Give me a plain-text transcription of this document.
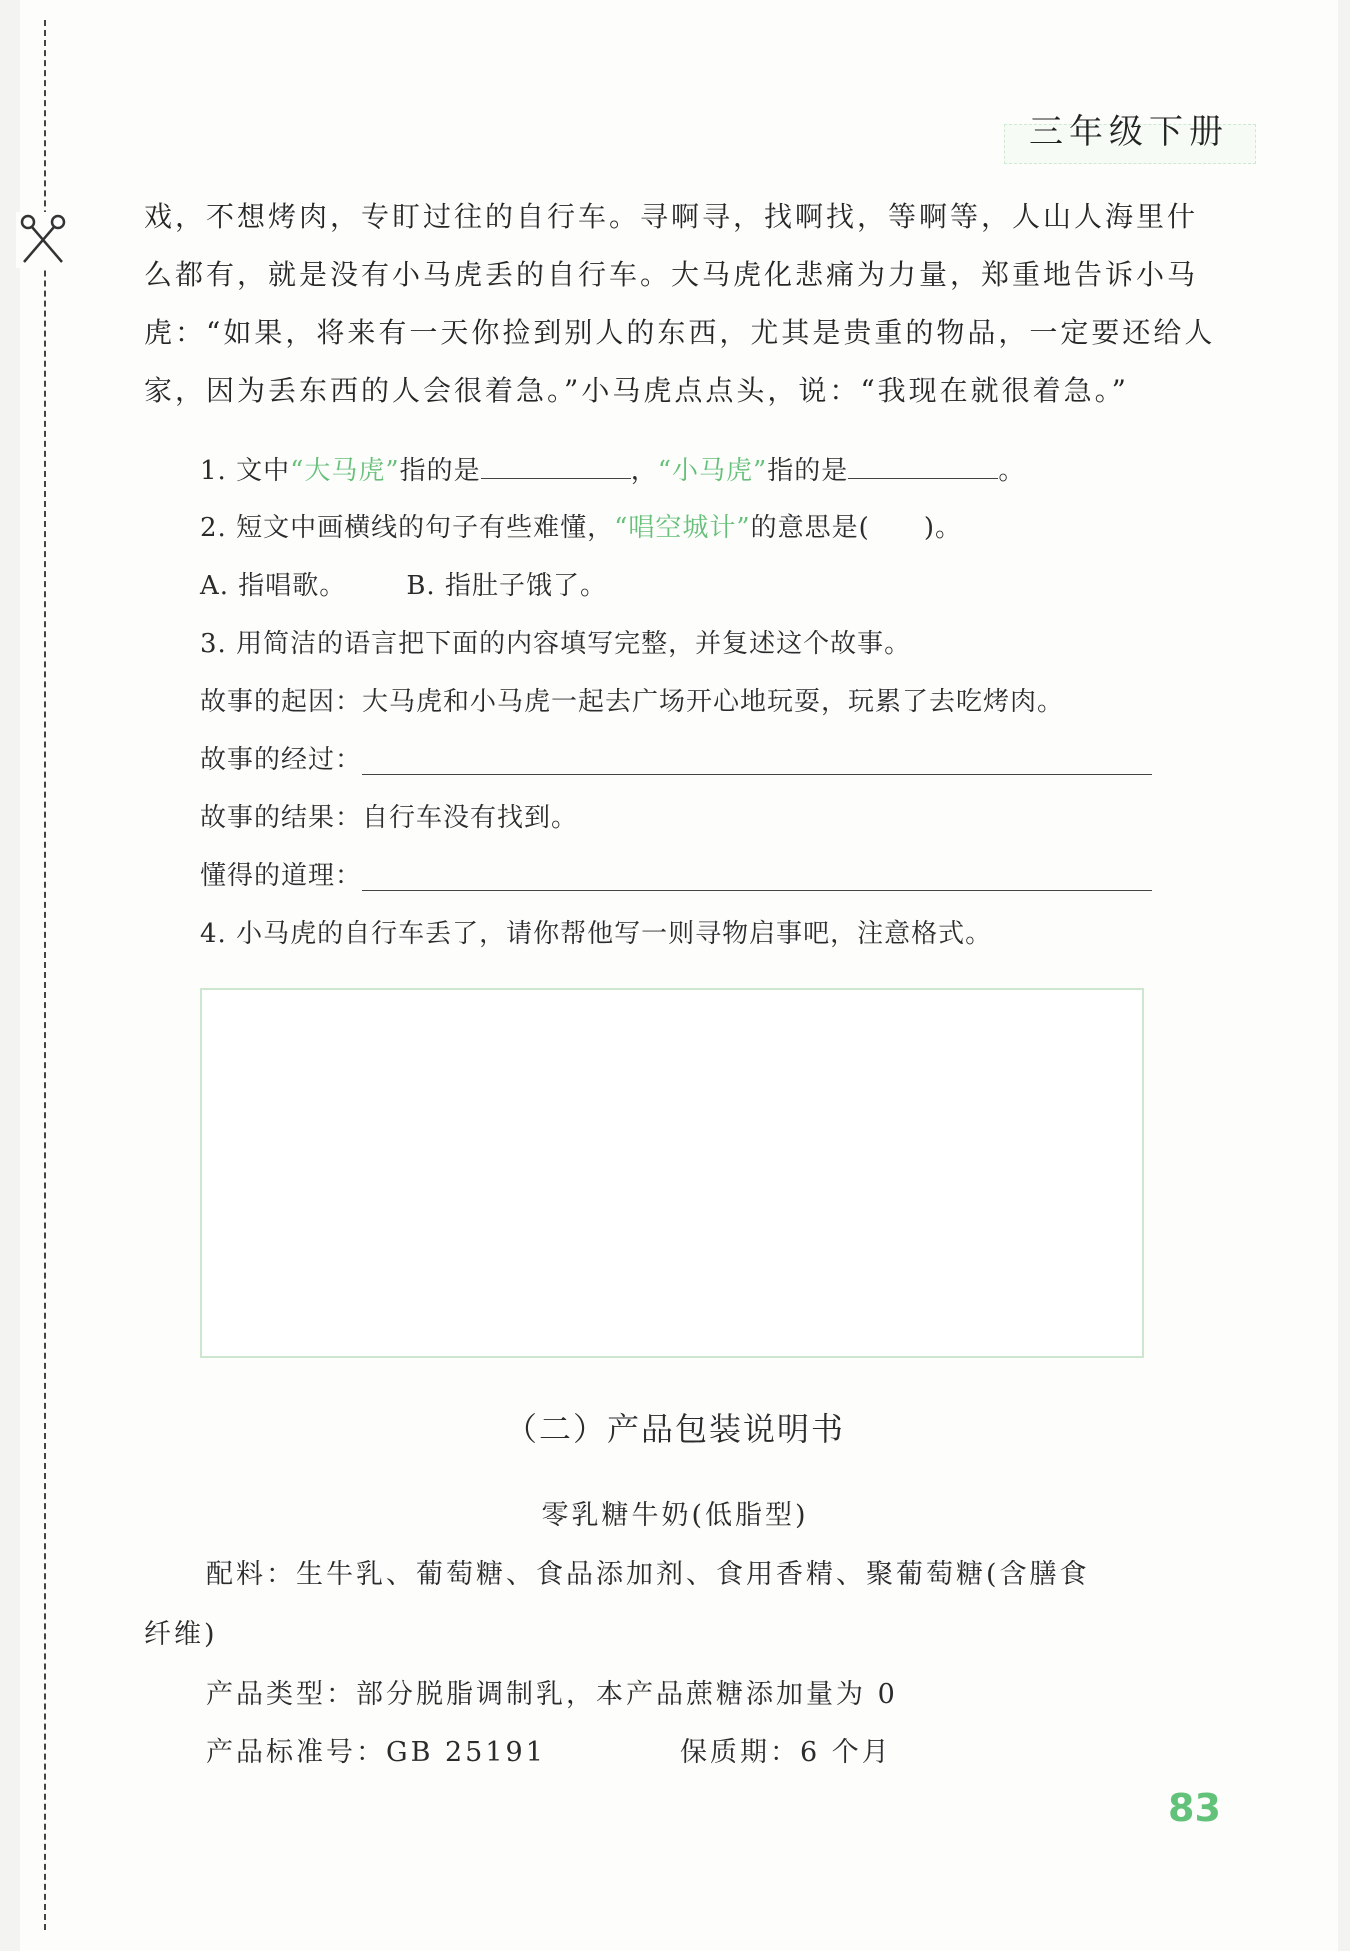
三年级下册
戏，不想烤肉，专盯过往的自行车。寻啊寻，找啊找，等啊等，人山人海里什
么都有，就是没有小马虎丢的自行车。大马虎化悲痛为力量，郑重地告诉小马
虎：“如果，将来有一天你捡到别人的东西，尤其是贵重的物品，一定要还给人
家，因为丢东西的人会很着急。”小马虎点点头，说：“我现在就很着急。”
1. 文中“大马虎”指的是	，“小马虎”指的是	。
2. 短文中画横线的句子有些难懂，“唱空城计”的意思是(　　)。
A. 指唱歌。 B. 指肚子饿了。
3. 用简洁的语言把下面的内容填写完整，并复述这个故事。
故事的起因：大马虎和小马虎一起去广场开心地玩耍，玩累了去吃烤肉。
故事的经过：
故事的结果：自行车没有找到。
懂得的道理：
4. 小马虎的自行车丢了，请你帮他写一则寻物启事吧，注意格式。
（二）产品包装说明书
零乳糖牛奶(低脂型)
配料：生牛乳、葡萄糖、食品添加剂、食用香精、聚葡萄糖(含膳食
纤维)
产品类型：部分脱脂调制乳，本产品蔗糖添加量为 0
产品标准号：GB 25191	保质期：6 个月
83
